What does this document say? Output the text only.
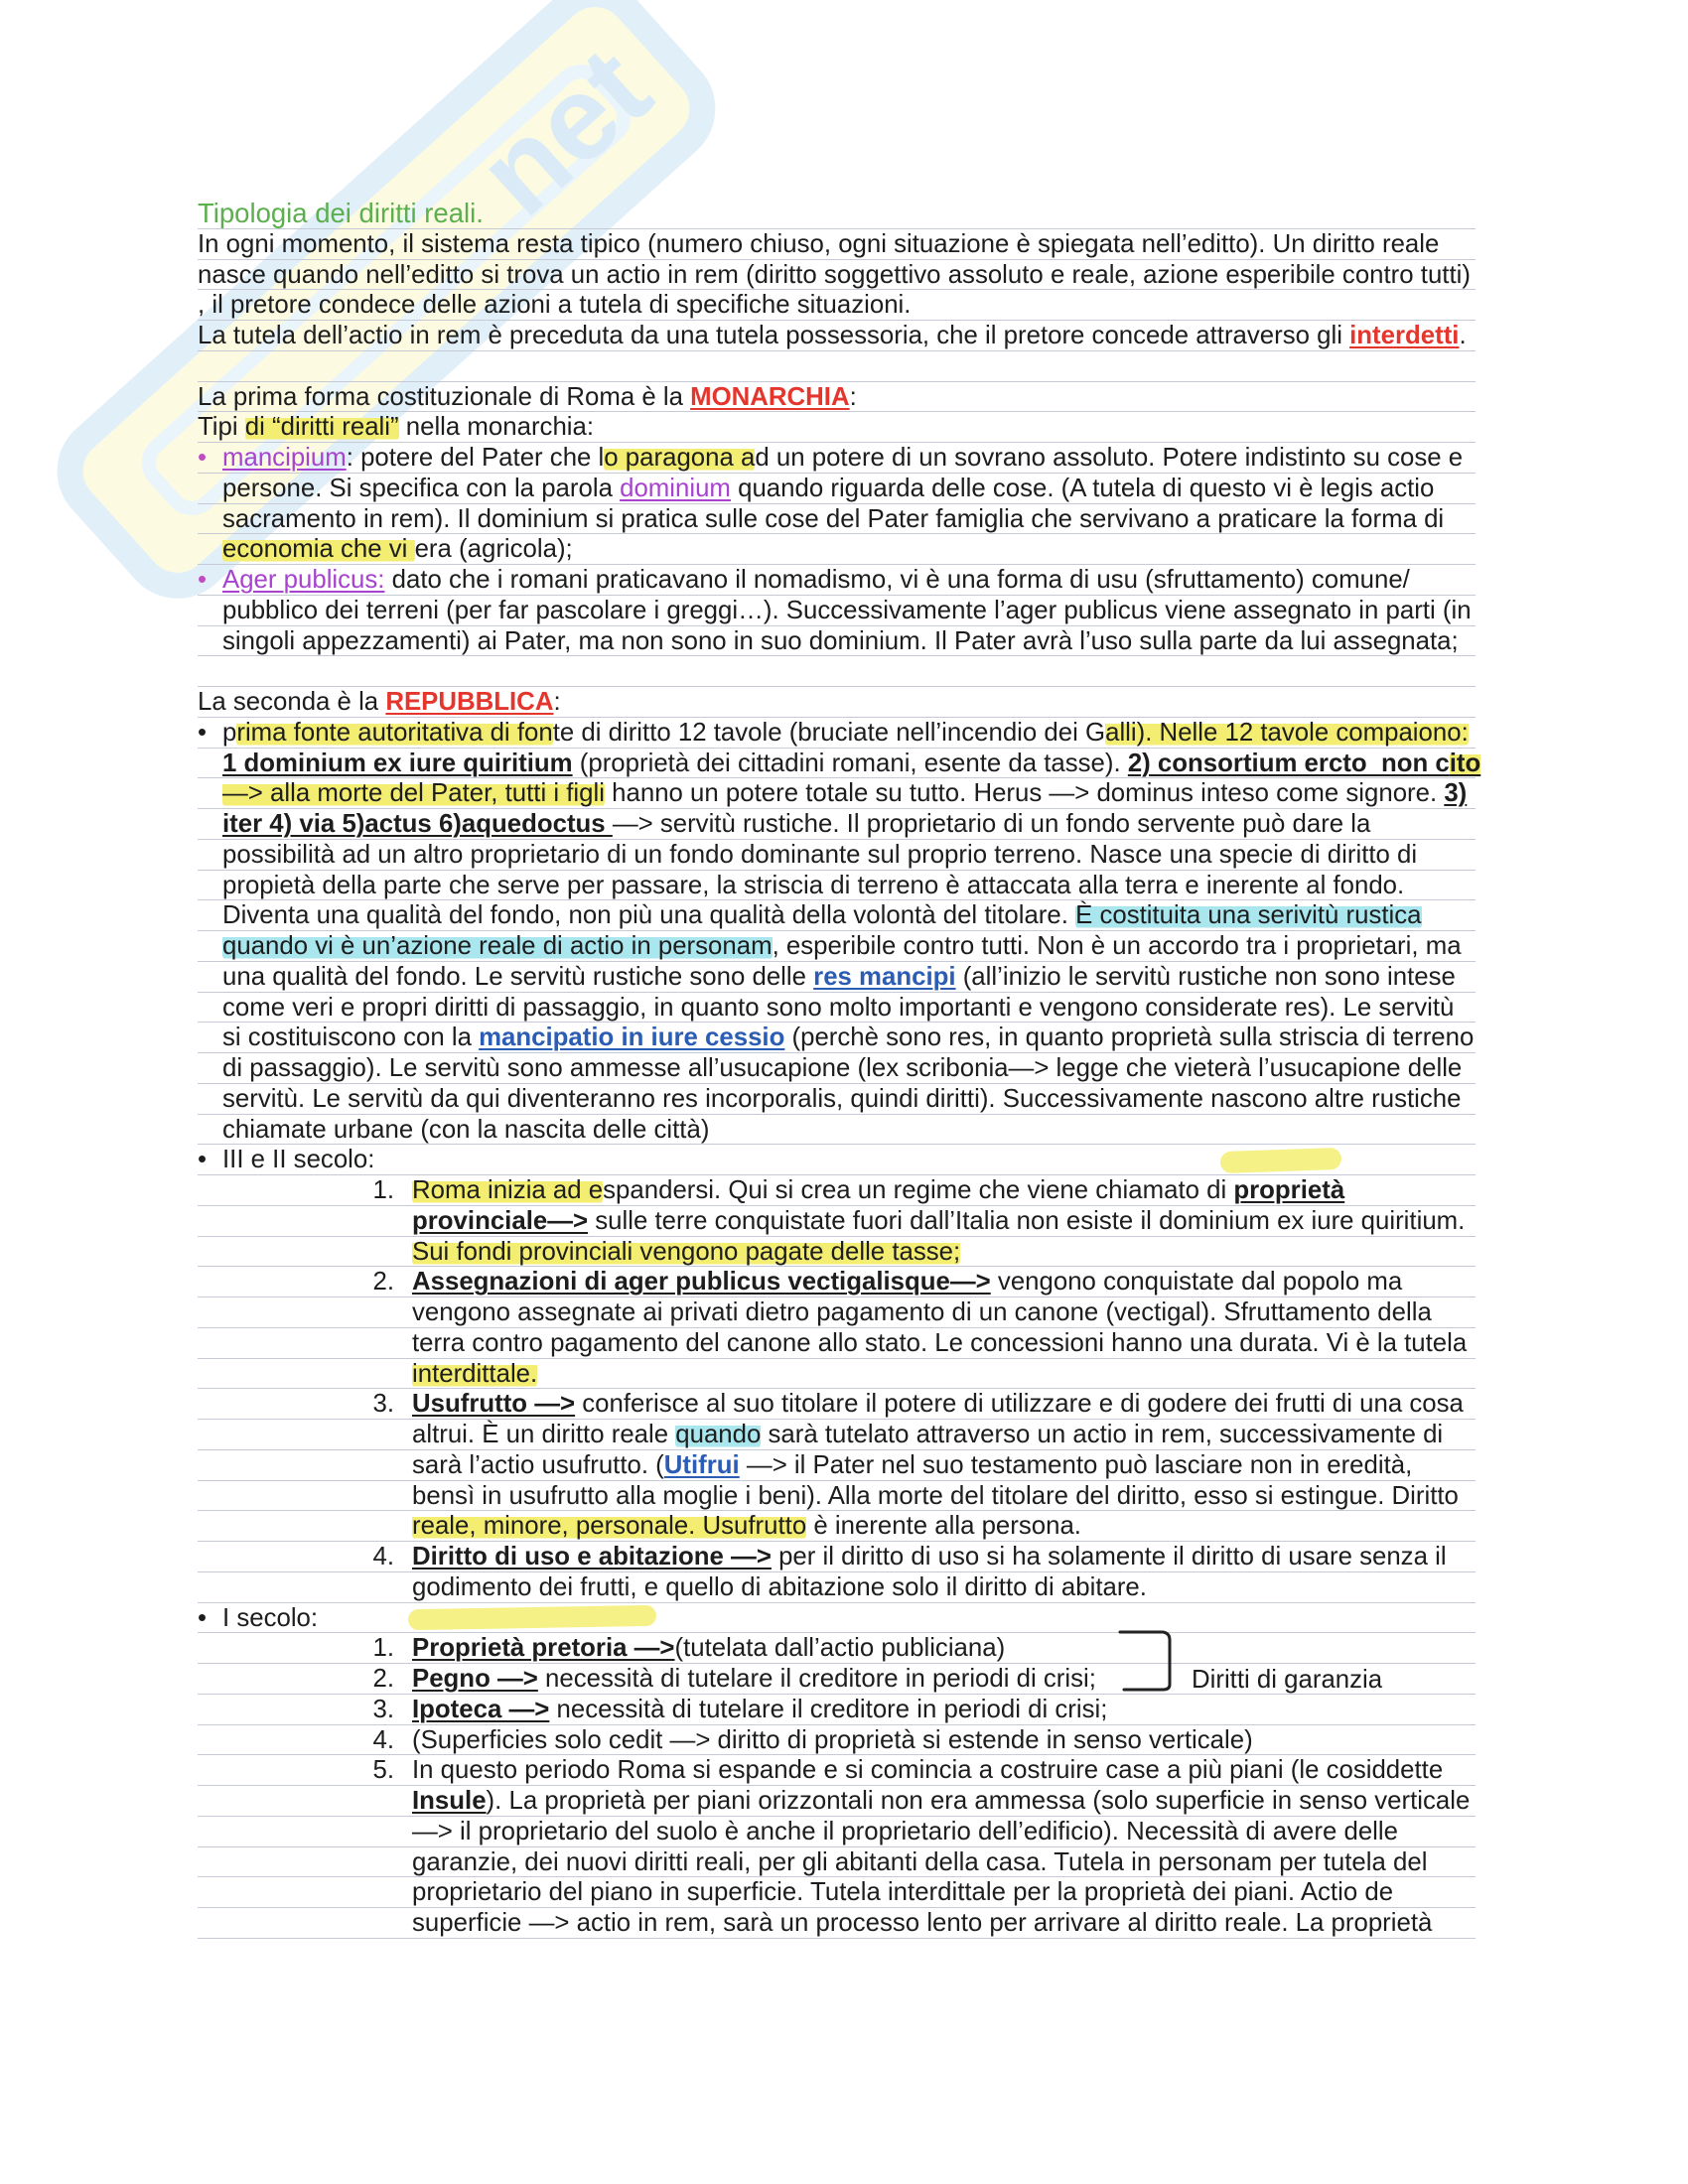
net
Tipologia dei diritti reali.
In ogni momento, il sistema resta tipico (numero chiuso, ogni situazione è spiegata nell’editto). Un diritto reale
nasce quando nell’editto si trova un actio in rem (diritto soggettivo assoluto e reale, azione esperibile contro tutti)
, il pretore condece delle azioni a tutela di specifiche situazioni.
La tutela dell’actio in rem è preceduta da una tutela possessoria, che il pretore concede attraverso gli interdetti.
La prima forma costituzionale di Roma è la MONARCHIA:
Tipi di “diritti reali” nella monarchia:
• mancipium: potere del Pater che lo paragona ad un potere di un sovrano assoluto. Potere indistinto su cose e
persone. Si specifica con la parola dominium quando riguarda delle cose. (A tutela di questo vi è legis actio
sacramento in rem). Il dominium si pratica sulle cose del Pater famiglia che servivano a praticare la forma di
economia che vi era (agricola);
• Ager publicus: dato che i romani praticavano il nomadismo, vi è una forma di usu (sfruttamento) comune/
pubblico dei terreni (per far pascolare i greggi…). Successivamente l’ager publicus viene assegnato in parti (in
singoli appezzamenti) ai Pater, ma non sono in suo dominium. Il Pater avrà l’uso sulla parte da lui assegnata;
La seconda è la REPUBBLICA:
• prima fonte autoritativa di fonte di diritto 12 tavole (bruciate nell’incendio dei Galli). Nelle 12 tavole compaiono:
1 dominium ex iure quiritium (proprietà dei cittadini romani, esente da tasse). 2) consortium ercto  non cito
—> alla morte del Pater, tutti i figli hanno un potere totale su tutto. Herus —> dominus inteso come signore. 3)
iter 4) via 5)actus 6)aquedoctus —> servitù rustiche. Il proprietario di un fondo servente può dare la
possibilità ad un altro proprietario di un fondo dominante sul proprio terreno. Nasce una specie di diritto di
propietà della parte che serve per passare, la striscia di terreno è attaccata alla terra e inerente al fondo.
Diventa una qualità del fondo, non più una qualità della volontà del titolare. È costituita una serivitù rustica
quando vi è un’azione reale di actio in personam, esperibile contro tutti. Non è un accordo tra i proprietari, ma
una qualità del fondo. Le servitù rustiche sono delle res mancipi (all’inizio le servitù rustiche non sono intese
come veri e propri diritti di passaggio, in quanto sono molto importanti e vengono considerate res). Le servitù
si costituiscono con la mancipatio in iure cessio (perchè sono res, in quanto proprietà sulla striscia di terreno
di passaggio). Le servitù sono ammesse all’usucapione (lex scribonia—> legge che vieterà l’usucapione delle
servitù. Le servitù da qui diventeranno res incorporalis, quindi diritti). Successivamente nascono altre rustiche
chiamate urbane (con la nascita delle città)
• III e II secolo:
1. Roma inizia ad espandersi. Qui si crea un regime che viene chiamato di proprietà
provinciale—> sulle terre conquistate fuori dall’Italia non esiste il dominium ex iure quiritium.
Sui fondi provinciali vengono pagate delle tasse;
2. Assegnazioni di ager publicus vectigalisque—> vengono conquistate dal popolo ma
vengono assegnate ai privati dietro pagamento di un canone (vectigal). Sfruttamento della
terra contro pagamento del canone allo stato. Le concessioni hanno una durata. Vi è la tutela
interdittale.
3. Usufrutto —> conferisce al suo titolare il potere di utilizzare e di godere dei frutti di una cosa
altrui. È un diritto reale quando sarà tutelato attraverso un actio in rem, successivamente di
sarà l’actio usufrutto. (Utifrui —> il Pater nel suo testamento può lasciare non in eredità,
bensì in usufrutto alla moglie i beni). Alla morte del titolare del diritto, esso si estingue. Diritto
reale, minore, personale. Usufrutto è inerente alla persona.
4. Diritto di uso e abitazione —> per il diritto di uso si ha solamente il diritto di usare senza il
godimento dei frutti, e quello di abitazione solo il diritto di abitare.
• I secolo:
1. Proprietà pretoria —>(tutelata dall’actio publiciana)
2. Pegno —> necessità di tutelare il creditore in periodi di crisi;
3. Ipoteca —> necessità di tutelare il creditore in periodi di crisi;
4. (Superficies solo cedit —> diritto di proprietà si estende in senso verticale)
5. In questo periodo Roma si espande e si comincia a costruire case a più piani (le cosiddette
Insule). La proprietà per piani orizzontali non era ammessa (solo superficie in senso verticale
—> il proprietario del suolo è anche il proprietario dell’edificio). Necessità di avere delle
garanzie, dei nuovi diritti reali, per gli abitanti della casa. Tutela in personam per tutela del
proprietario del piano in superficie. Tutela interdittale per la proprietà dei piani. Actio de
superficie —> actio in rem, sarà un processo lento per arrivare al diritto reale. La proprietà
Diritti di garanzia
